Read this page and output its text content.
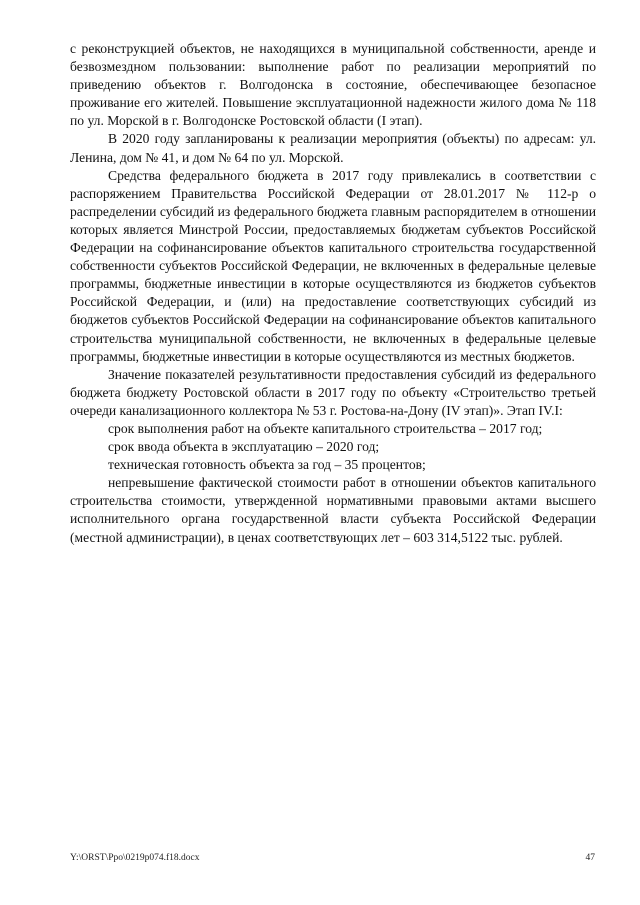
с реконструкцией объектов, не находящихся в муниципальной собственности, аренде и безвозмездном пользовании: выполнение работ по реализации мероприятий по приведению объектов г. Волгодонска в состояние, обеспечивающее безопасное проживание его жителей. Повышение эксплуатационной надежности жилого дома № 118 по ул. Морской в г. Волгодонске Ростовской области (I этап).

В 2020 году запланированы к реализации мероприятия (объекты) по адресам: ул. Ленина, дом № 41, и дом № 64 по ул. Морской.

Средства федерального бюджета в 2017 году привлекались в соответствии с распоряжением Правительства Российской Федерации от 28.01.2017 № 112-р о распределении субсидий из федерального бюджета главным распорядителем в отношении которых является Минстрой России, предоставляемых бюджетам субъектов Российской Федерации на софинансирование объектов капитального строительства государственной собственности субъектов Российской Федерации, не включенных в федеральные целевые программы, бюджетные инвестиции в которые осуществляются из бюджетов субъектов Российской Федерации, и (или) на предоставление соответствующих субсидий из бюджетов субъектов Российской Федерации на софинансирование объектов капитального строительства муниципальной собственности, не включенных в федеральные целевые программы, бюджетные инвестиции в которые осуществляются из местных бюджетов.

Значение показателей результативности предоставления субсидий из федерального бюджета бюджету Ростовской области в 2017 году по объекту «Строительство третьей очереди канализационного коллектора № 53 г. Ростова-на-Дону (IV этап)». Этап IV.I:

срок выполнения работ на объекте капитального строительства – 2017 год;

срок ввода объекта в эксплуатацию – 2020 год;

техническая готовность объекта за год – 35 процентов;

непревышение фактической стоимости работ в отношении объектов капитального строительства стоимости, утвержденной нормативными правовыми актами высшего исполнительного органа государственной власти субъекта Российской Федерации (местной администрации), в ценах соответствующих лет – 603 314,5122 тыс. рублей.

Y:\ORST\Ppo\0219p074.f18.docx	47
